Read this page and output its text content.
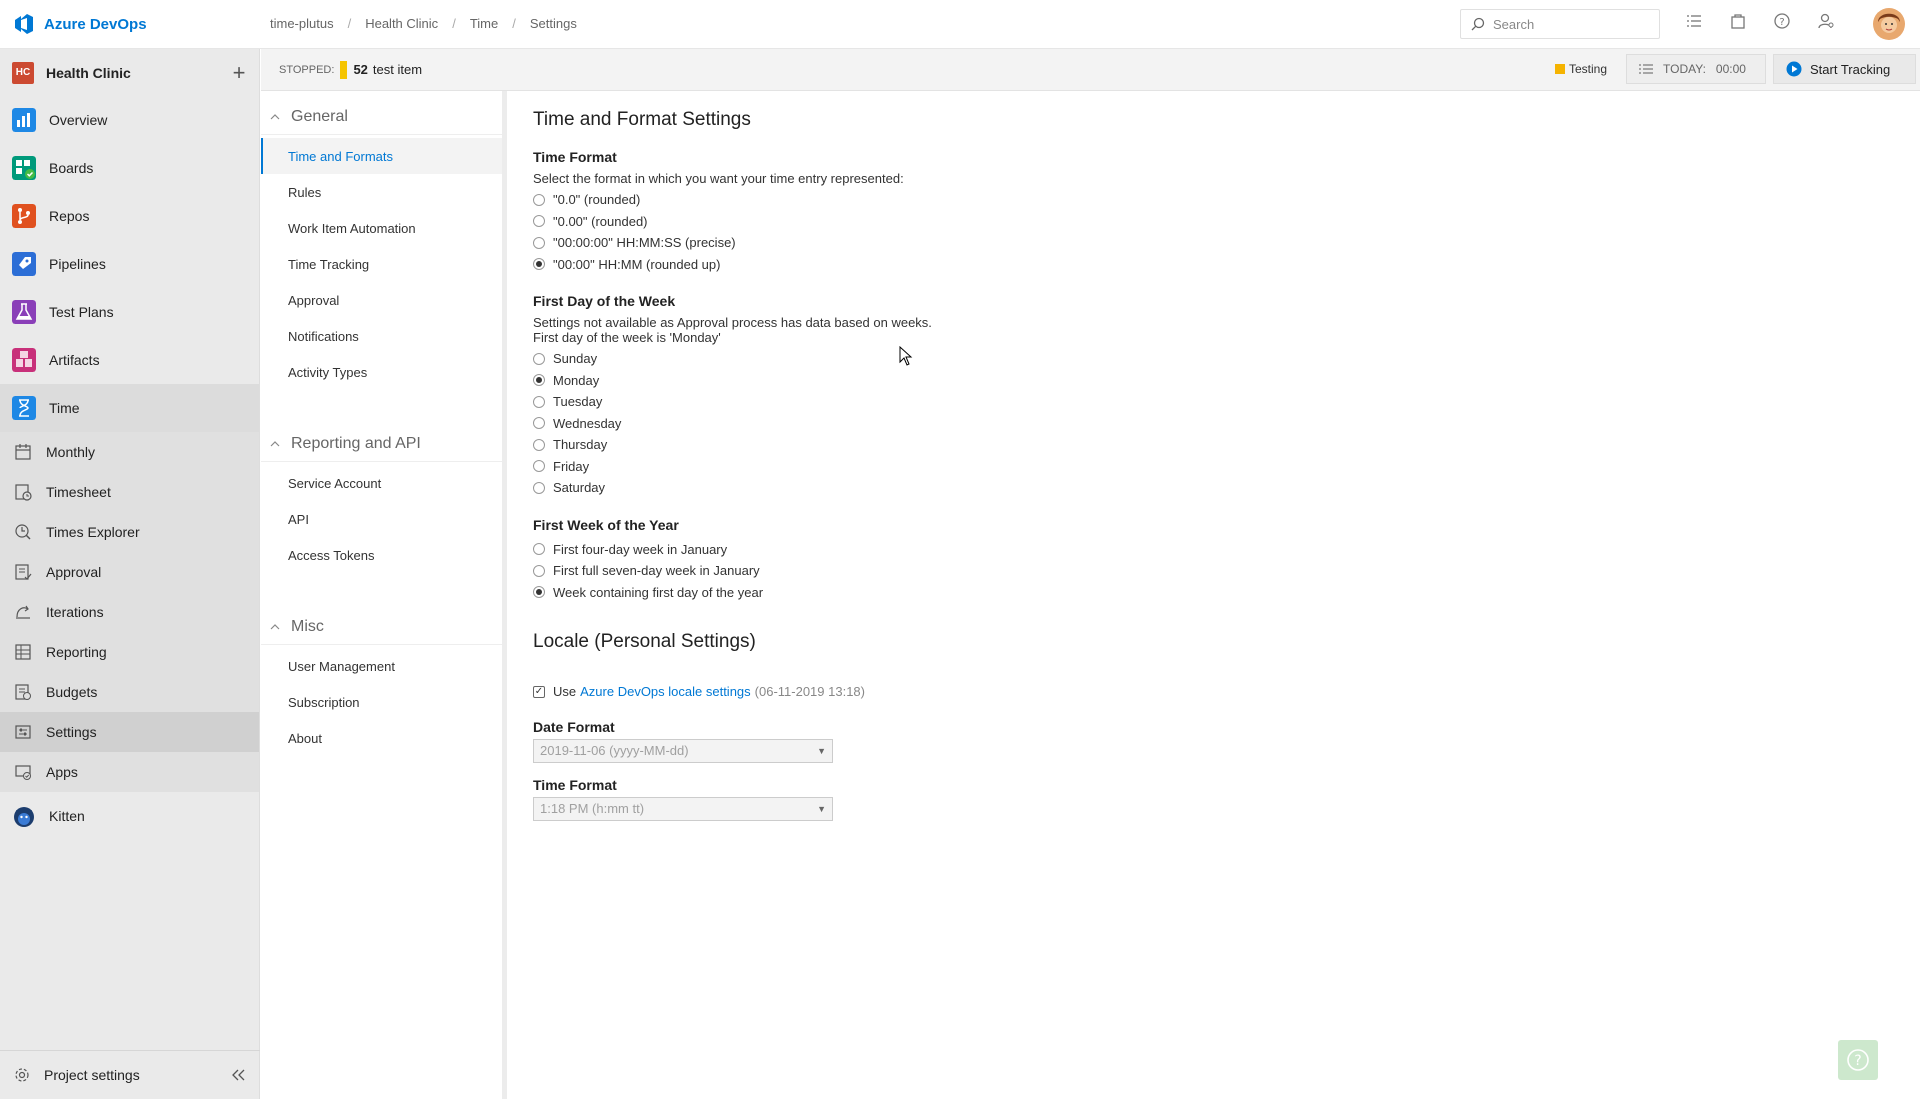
Azure DevOps	time-plutus / Health Clinic / Time / Settings	Search	?
HC Health Clinic	+
Overview
Boards
Repos
Pipelines
Test Plans
Artifacts
Time
Monthly
Timesheet
Times Explorer
Approval
Iterations
Reporting
Budgets
Settings
Apps
Kitten
Project settings
STOPPED: 52 test item	Testing	TODAY: 00:00	Start Tracking
General
Time and Formats
Rules
Work Item Automation
Time Tracking
Approval
Notifications
Activity Types
Reporting and API
Service Account
API
Access Tokens
Misc
User Management
Subscription
About
Time and Format Settings
Time Format

Select the format in which you want your time entry represented:

"0.0" (rounded)
"0.00" (rounded)
"00:00:00" HH:MM:SS (precise)
"00:00" HH:MM (rounded up)
First Day of the Week

Settings not available as Approval process has data based on weeks.

First day of the week is 'Monday'

Sunday
Monday
Tuesday
Wednesday
Thursday
Friday
Saturday
First Week of the Year
First four-day week in January
First full seven-day week in January
Week containing first day of the year
Locale (Personal Settings)
✓ Use Azure DevOps locale settings (06-11-2019 13:18)
Date Format
2019-11-06 (yyyy-MM-dd)	▼
Time Format
1:18 PM (h:mm tt)	▼
?
